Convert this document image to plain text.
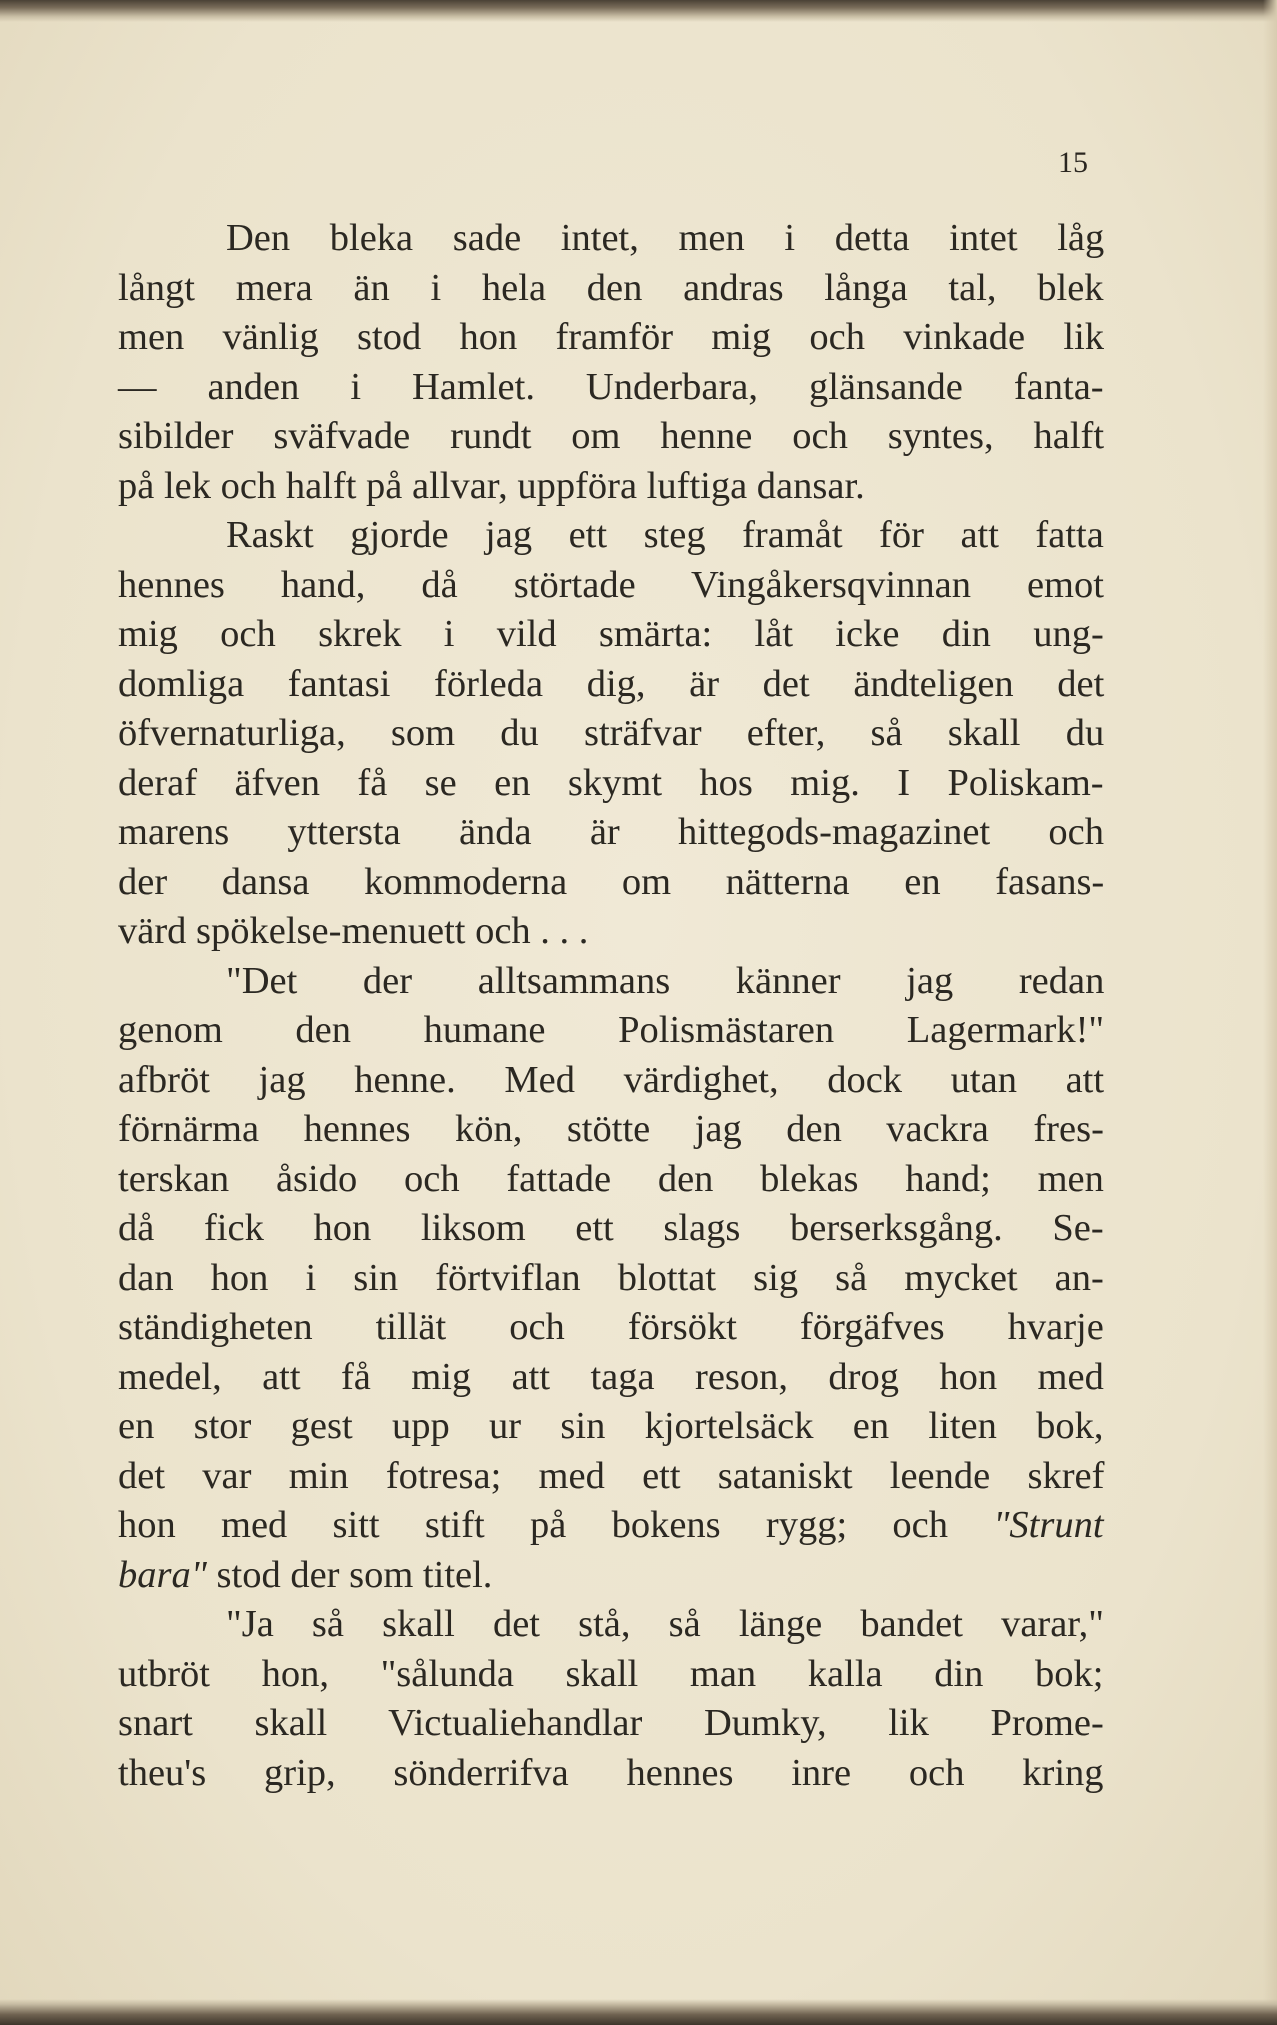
15
Den bleka sade intet, men i detta intet låg
långt mera än i hela den andras långa tal, blek
men vänlig stod hon framför mig och vinkade lik
— anden i Hamlet. Underbara, glänsande fanta-
sibilder sväfvade rundt om henne och syntes, halft
på lek och halft på allvar, uppföra luftiga dansar.
Raskt gjorde jag ett steg framåt för att fatta
hennes hand, då störtade Vingåkersqvinnan emot
mig och skrek i vild smärta: låt icke din ung-
domliga fantasi förleda dig, är det ändteligen det
öfvernaturliga, som du sträfvar efter, så skall du
deraf äfven få se en skymt hos mig. I Poliskam-
marens yttersta ända är hittegods-magazinet och
der dansa kommoderna om nätterna en fasans-
värd spökelse-menuett och . . .
"Det der alltsammans känner jag redan
genom den humane Polismästaren Lagermark!"
afbröt jag henne. Med värdighet, dock utan att
förnärma hennes kön, stötte jag den vackra fres-
terskan åsido och fattade den blekas hand; men
då fick hon liksom ett slags berserksgång. Se-
dan hon i sin förtviflan blottat sig så mycket an-
ständigheten tillät och försökt förgäfves hvarje
medel, att få mig att taga reson, drog hon med
en stor gest upp ur sin kjortelsäck en liten bok,
det var min fotresa; med ett sataniskt leende skref
hon med sitt stift på bokens rygg; och "Strunt
bara" stod der som titel.
"Ja så skall det stå, så länge bandet varar,"
utbröt hon, "sålunda skall man kalla din bok;
snart skall Victualiehandlar Dumky, lik Prome-
theu's grip, sönderrifva hennes inre och kring
